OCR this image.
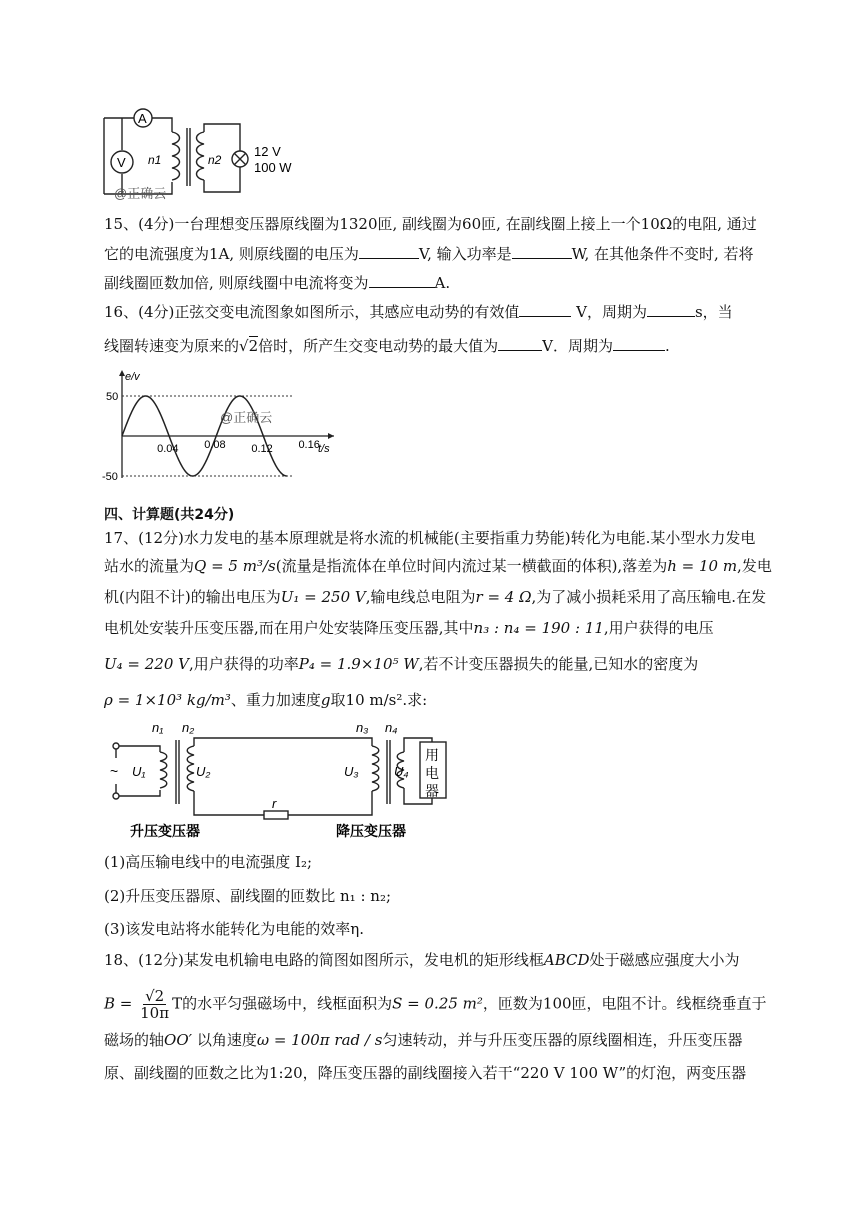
A
V n1	n2
12 V
100 W
@正确云
15、(4分)一台理想变压器原线圈为1320匝, 副线圈为60匝, 在副线圈上接上一个10Ω的电阻, 通过
它的电流强度为1A, 则原线圈的电压为	V, 输入功率是	W, 在其他条件不变时, 若将
副线圈匝数加倍, 则原线圈中电流将变为	A.
16、(4分)正弦交变电流图象如图所示，其感应电动势的有效值	V，周期为	s，当
线圈转速变为原来的√2倍时，所产生交变电动势的最大值为	V．周期为	.
0.04 0.08 0.12 0.16
50
-50
t/s
e/v
@正确云
四、计算题(共24分)
17、(12分)水力发电的基本原理就是将水流的机械能(主要指重力势能)转化为电能.某小型水力发电
站水的流量为Q = 5 m³/s(流量是指流体在单位时间内流过某一横截面的体积),落差为h = 10 m,发电
机(内阻不计)的输出电压为U₁ = 250 V,输电线总电阻为r = 4 Ω,为了减小损耗采用了高压输电.在发
电机处安装升压变压器,而在用户处安装降压变压器,其中n₃ : n₄ = 190 : 11,用户获得的电压
U₄ = 220 V,用户获得的功率P₄ = 1.9×10⁵ W,若不计变压器损失的能量,已知水的密度为
ρ = 1×10³ kg/m³、重力加速度g取10 m/s².求:
n₁ n₂	n₃ n₄
~ U₁	U₂	U₃	U₄
r
用
电
器
升压变压器	降压变压器
(1)高压输电线中的电流强度 I₂;
(2)升压变压器原、副线圈的匝数比 n₁ : n₂;
(3)该发电站将水能转化为电能的效率η.
18、(12分)某发电机输电电路的简图如图所示，发电机的矩形线框ABCD处于磁感应强度大小为
$B = \frac{√2}{10\pi}$ T的水平匀强磁场中，线框面积为S = 0.25 m²，匝数为100匝，电阻不计。线框绕垂直于
磁场的轴OO′ 以角速度ω = 100π rad / s匀速转动，并与升压变压器的原线圈相连，升压变压器
原、副线圈的匝数之比为1:20，降压变压器的副线圈接入若干“220 V 100 W”的灯泡，两变压器
